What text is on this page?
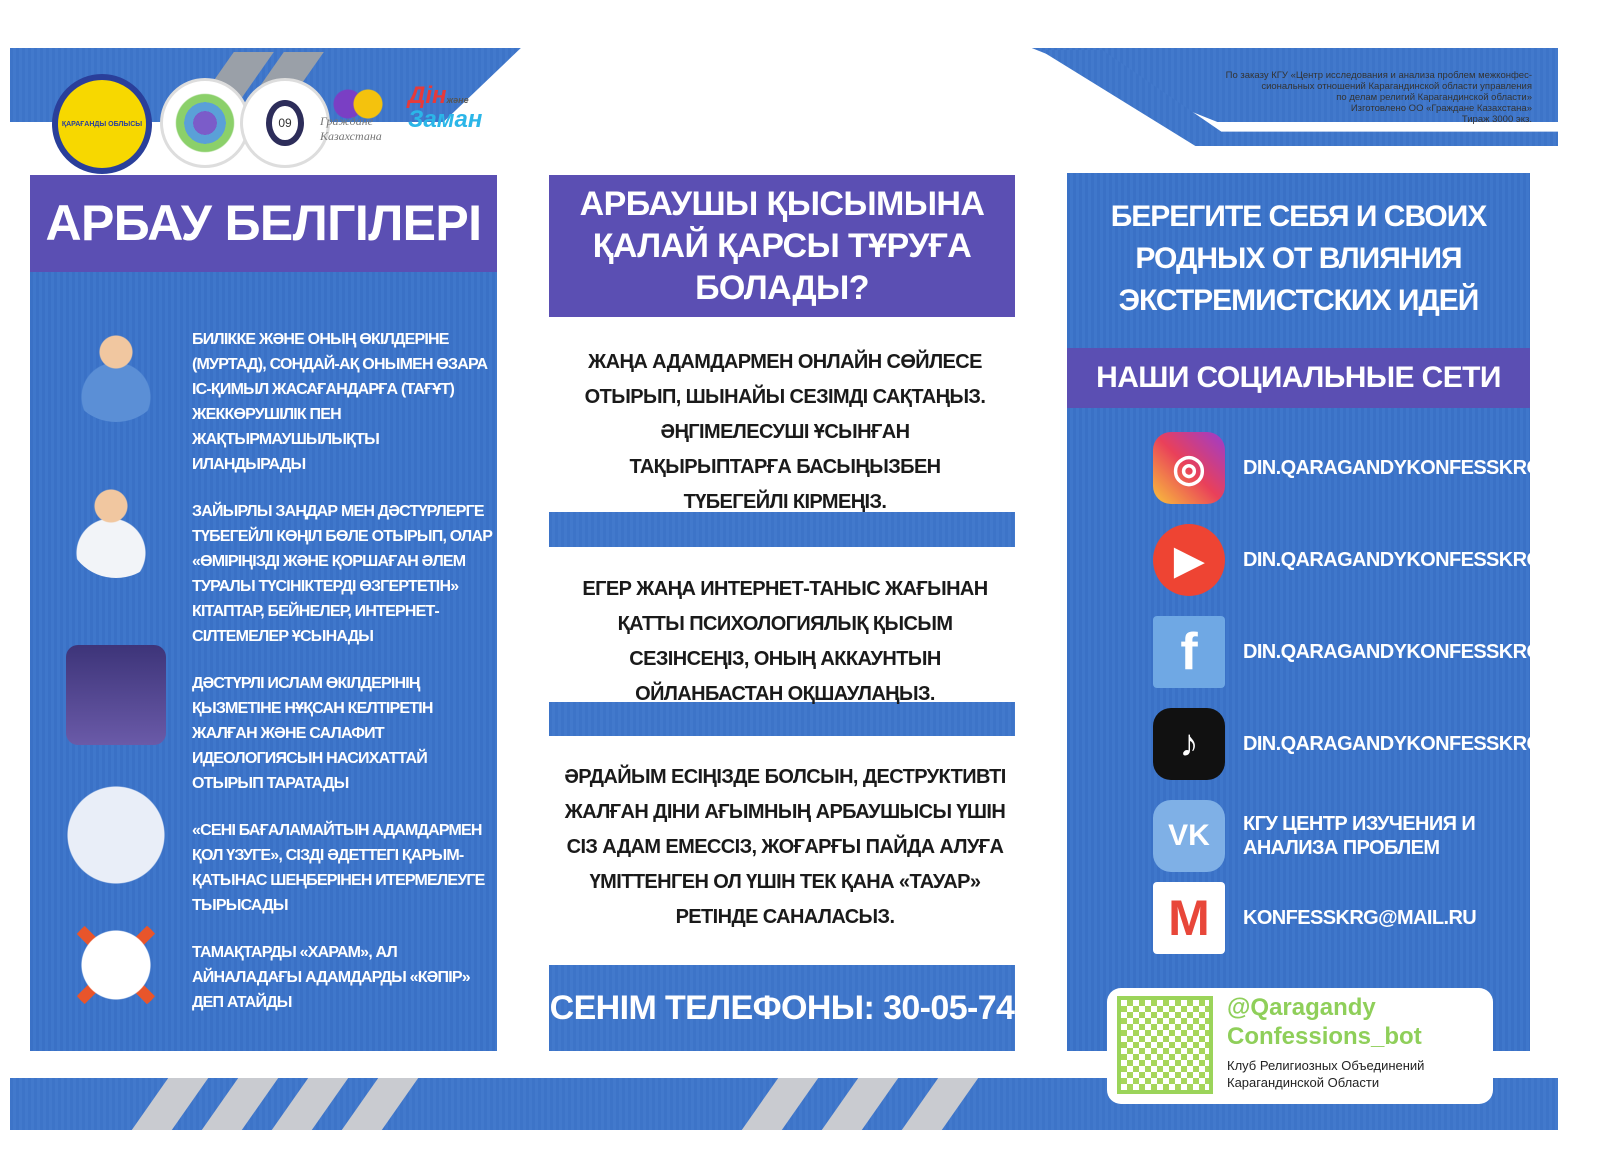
По заказу КГУ «Центр исследования и анализа проблем межконфес-
сиональных отношений Карагандинской области управления
по делам религий Карагандинской области»
Изготовлено ОО «Граждане Казахстана»
Тираж 3000 экз.
ҚАРАҒАНДЫ ОБЛЫСЫ	09	Граждане Казахстана
Дінжәне
Заман
АРБАУ БЕЛГІЛЕРІ
БИЛІККЕ ЖӘНЕ ОНЫҢ ӨКІЛДЕРІНЕ (МУРТАД), СОНДАЙ-АҚ ОНЫМЕН ӨЗАРА ІС-ҚИМЫЛ ЖАСАҒАНДАРҒА (ТАҒҰТ) ЖЕККӨРУШІЛІК ПЕН ЖАҚТЫРМАУШЫЛЫҚТЫ ИЛАНДЫРАДЫ
ЗАЙЫРЛЫ ЗАҢДАР МЕН ДӘСТҮРЛЕРГЕ ТҮБЕГЕЙЛІ КӨҢІЛ БӨЛЕ ОТЫРЫП, ОЛАР «ӨМІРІҢІЗДІ ЖӘНЕ ҚОРШАҒАН ӘЛЕМ ТУРАЛЫ ТҮСІНІКТЕРДІ ӨЗГЕРТЕТІН» КІТАПТАР, БЕЙНЕЛЕР, ИНТЕРНЕТ-СІЛТЕМЕЛЕР ҰСЫНАДЫ
ДӘСТҮРЛІ ИСЛАМ ӨКІЛДЕРІНІҢ ҚЫЗМЕТІНЕ НҰҚСАН КЕЛТІРЕТІН ЖАЛҒАН ЖӘНЕ САЛАФИТ ИДЕОЛОГИЯСЫН НАСИХАТТАЙ ОТЫРЫП ТАРАТАДЫ
«СЕНІ БАҒАЛАМАЙТЫН АДАМДАРМЕН ҚОЛ ҮЗУГЕ», СІЗДІ ӘДЕТТЕГІ ҚАРЫМ-ҚАТЫНАС ШЕҢБЕРІНЕН ИТЕРМЕЛЕУГЕ ТЫРЫСАДЫ
ТАМАҚТАРДЫ «ХАРАМ», АЛ АЙНАЛАДАҒЫ АДАМДАРДЫ «КӘПІР» ДЕП АТАЙДЫ
АРБАУШЫ ҚЫСЫМЫНА ҚАЛАЙ ҚАРСЫ ТҰРУҒА БОЛАДЫ?
ЖАҢА АДАМДАРМЕН ОНЛАЙН СӨЙЛЕСЕ ОТЫРЫП, ШЫНАЙЫ СЕЗІМДІ САҚТАҢЫЗ. ӘҢГІМЕЛЕСУШІ ҰСЫНҒАН ТАҚЫРЫПТАРҒА БАСЫҢЫЗБЕН ТҮБЕГЕЙЛІ КІРМЕҢІЗ.
ЕГЕР ЖАҢА ИНТЕРНЕТ-ТАНЫС ЖАҒЫНАН ҚАТТЫ ПСИХОЛОГИЯЛЫҚ ҚЫСЫМ СЕЗІНСЕҢІЗ, ОНЫҢ АККАУНТЫН ОЙЛАНБАСТАН ОҚШАУЛАҢЫЗ.
ӘРДАЙЫМ ЕСІҢІЗДЕ БОЛСЫН, ДЕСТРУКТИВТІ ЖАЛҒАН ДІНИ АҒЫМНЫҢ АРБАУШЫСЫ ҮШІН СІЗ АДАМ ЕМЕССІЗ, ЖОҒАРҒЫ ПАЙДА АЛУҒА ҮМІТТЕНГЕН ОЛ ҮШІН ТЕК ҚАНА «ТАУАР» РЕТІНДЕ САНАЛАСЫЗ.
СЕНІМ ТЕЛЕФОНЫ: 30-05-74
БЕРЕГИТЕ СЕБЯ И СВОИХ РОДНЫХ ОТ ВЛИЯНИЯ ЭКСТРЕМИСТСКИХ ИДЕЙ
НАШИ СОЦИАЛЬНЫЕ СЕТИ
◎	DIN.QARAGANDYKONFESSKRG
▶	DIN.QARAGANDYKONFESSKRG
f	DIN.QARAGANDYKONFESSKRG
♪	DIN.QARAGANDYKONFESSKRG
VK	КГУ ЦЕНТР ИЗУЧЕНИЯ И АНАЛИЗА ПРОБЛЕМ
M	KONFESSKRG@MAIL.RU
@Qaragandy
Confessions_bot
Клуб Религиозных Объединений
Карагандинской Области
